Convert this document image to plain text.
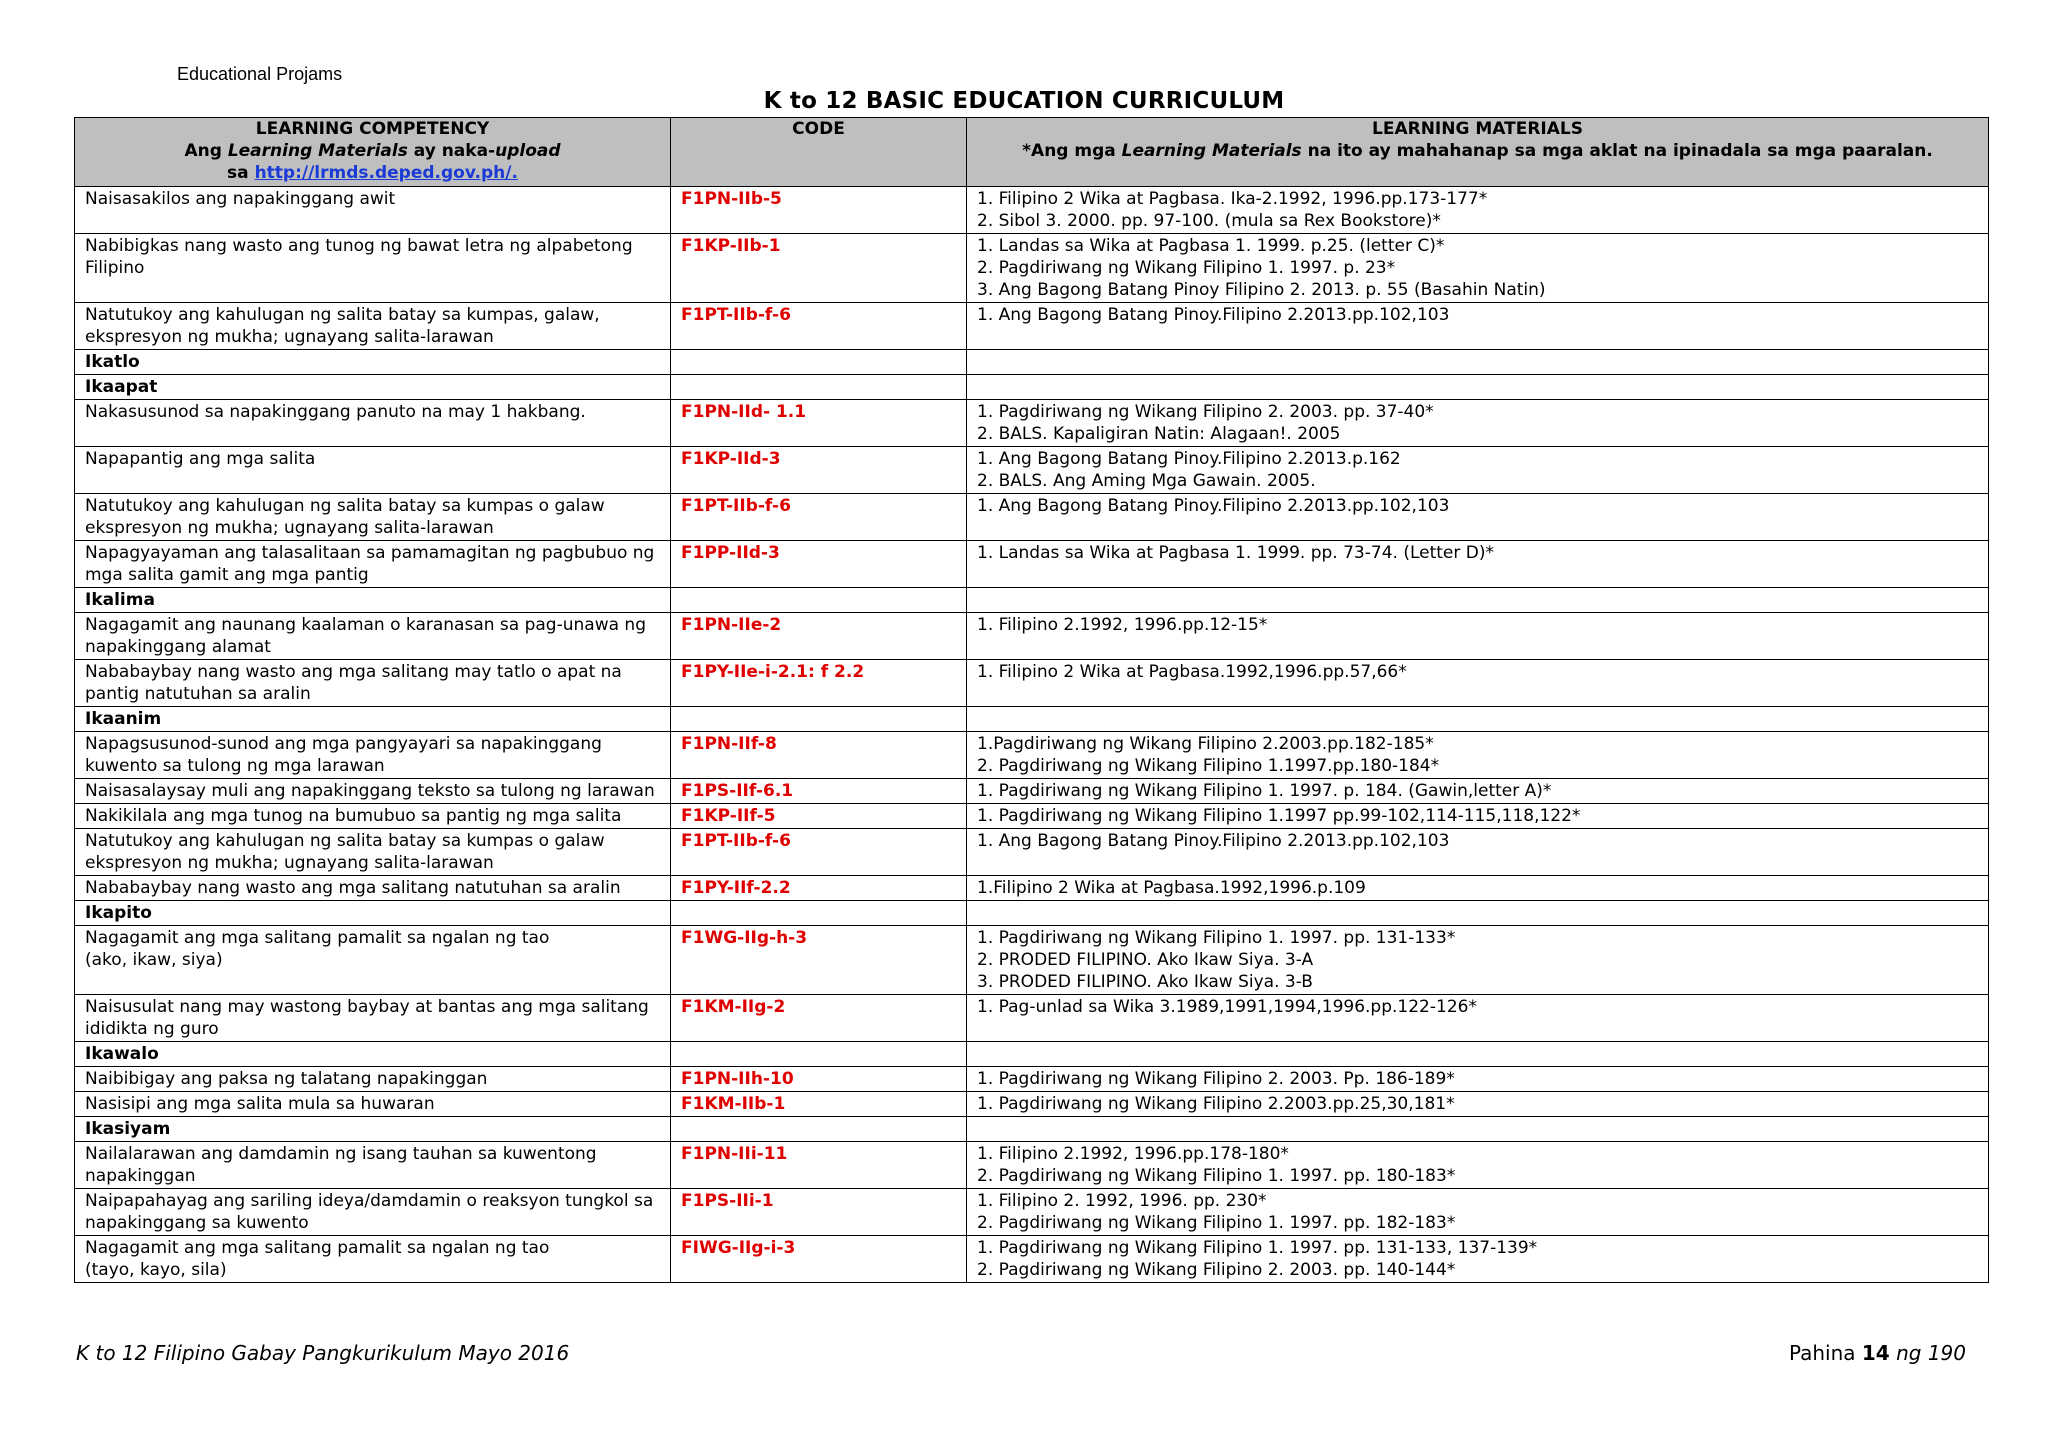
Educational Projams
K to 12 BASIC EDUCATION CURRICULUM
LEARNING COMPETENCY
Ang Learning Materials ay naka-upload
sa http://lrmds.deped.gov.ph/.	CODE	LEARNING MATERIALS
*Ang mga Learning Materials na ito ay mahahanap sa mga aklat na ipinadala sa mga paaralan.

Naisasakilos ang napakinggang awit	F1PN-IIb-5	1. Filipino 2 Wika at Pagbasa. Ika-2.1992, 1996.pp.173-177*
2. Sibol 3. 2000. pp. 97-100. (mula sa Rex Bookstore)*

Nabibigkas nang wasto ang tunog ng bawat letra ng alpabetong Filipino	F1KP-IIb-1	1. Landas sa Wika at Pagbasa 1. 1999. p.25. (letter C)*
2. Pagdiriwang ng Wikang Filipino 1. 1997. p. 23*
3. Ang Bagong Batang Pinoy Filipino 2. 2013. p. 55 (Basahin Natin)

Natutukoy ang kahulugan ng salita batay sa kumpas, galaw, ekspresyon ng mukha; ugnayang salita-larawan	F1PT-IIb-f-6	1. Ang Bagong Batang Pinoy.Filipino 2.2013.pp.102,103

Ikatlo		
Ikaapat		
Nakasusunod sa napakinggang panuto na may 1 hakbang.	F1PN-IId- 1.1	1. Pagdiriwang ng Wikang Filipino 2. 2003. pp. 37-40*
2. BALS. Kapaligiran Natin: Alagaan!. 2005

Napapantig ang mga salita	F1KP-IId-3	1. Ang Bagong Batang Pinoy.Filipino 2.2013.p.162
2. BALS. Ang Aming Mga Gawain. 2005.

Natutukoy ang kahulugan ng salita batay sa kumpas o galaw ekspresyon ng mukha; ugnayang salita-larawan	F1PT-IIb-f-6	1. Ang Bagong Batang Pinoy.Filipino 2.2013.pp.102,103

Napagyayaman ang talasalitaan sa pamamagitan ng pagbubuo ng mga salita gamit ang mga pantig	F1PP-IId-3	1. Landas sa Wika at Pagbasa 1. 1999. pp. 73-74. (Letter D)*

Ikalima		
Nagagamit ang naunang kaalaman o karanasan sa pag-unawa ng napakinggang alamat	F1PN-IIe-2	1. Filipino 2.1992, 1996.pp.12-15*

Nababaybay nang wasto ang mga salitang may tatlo o apat na pantig natutuhan sa aralin	F1PY-IIe-i-2.1: f 2.2	1. Filipino 2 Wika at Pagbasa.1992,1996.pp.57,66*

Ikaanim		
Napagsusunod-sunod ang mga pangyayari sa napakinggang kuwento sa tulong ng mga larawan	F1PN-IIf-8	1.Pagdiriwang ng Wikang Filipino 2.2003.pp.182-185*
2. Pagdiriwang ng Wikang Filipino 1.1997.pp.180-184*

Naisasalaysay muli ang napakinggang teksto sa tulong ng larawan	F1PS-IIf-6.1	1. Pagdiriwang ng Wikang Filipino 1. 1997. p. 184. (Gawin,letter A)*

Nakikilala ang mga tunog na bumubuo sa pantig ng mga salita	F1KP-IIf-5	1. Pagdiriwang ng Wikang Filipino 1.1997 pp.99-102,114-115,118,122*

Natutukoy ang kahulugan ng salita batay sa kumpas o galaw ekspresyon ng mukha; ugnayang salita-larawan	F1PT-IIb-f-6	1. Ang Bagong Batang Pinoy.Filipino 2.2013.pp.102,103

Nababaybay nang wasto ang mga salitang natutuhan sa aralin	F1PY-IIf-2.2	1.Filipino 2 Wika at Pagbasa.1992,1996.p.109

Ikapito		
Nagagamit ang mga salitang pamalit sa ngalan ng tao
(ako, ikaw, siya)	F1WG-IIg-h-3	1. Pagdiriwang ng Wikang Filipino 1. 1997. pp. 131-133*
2. PRODED FILIPINO. Ako Ikaw Siya. 3-A
3. PRODED FILIPINO. Ako Ikaw Siya. 3-B

Naisusulat nang may wastong baybay at bantas ang mga salitang ididikta ng guro	F1KM-IIg-2	1. Pag-unlad sa Wika 3.1989,1991,1994,1996.pp.122-126*

Ikawalo		
Naibibigay ang paksa ng talatang napakinggan	F1PN-IIh-10	1. Pagdiriwang ng Wikang Filipino 2. 2003. Pp. 186-189*

Nasisipi ang mga salita mula sa huwaran	F1KM-IIb-1	1. Pagdiriwang ng Wikang Filipino 2.2003.pp.25,30,181*

Ikasiyam		
Nailalarawan ang damdamin ng isang tauhan sa kuwentong napakinggan	F1PN-IIi-11	1. Filipino 2.1992, 1996.pp.178-180*
2. Pagdiriwang ng Wikang Filipino 1. 1997. pp. 180-183*

Naipapahayag ang sariling ideya/damdamin o reaksyon tungkol sa napakinggang sa kuwento	F1PS-IIi-1	1. Filipino 2. 1992, 1996. pp. 230*
2. Pagdiriwang ng Wikang Filipino 1. 1997. pp. 182-183*

Nagagamit ang mga salitang pamalit sa ngalan ng tao
(tayo, kayo, sila)	FIWG-IIg-i-3	1. Pagdiriwang ng Wikang Filipino 1. 1997. pp. 131-133, 137-139*
2. Pagdiriwang ng Wikang Filipino 2. 2003. pp. 140-144*
K to 12 Filipino Gabay Pangkurikulum Mayo 2016	Pahina 14 ng 190
